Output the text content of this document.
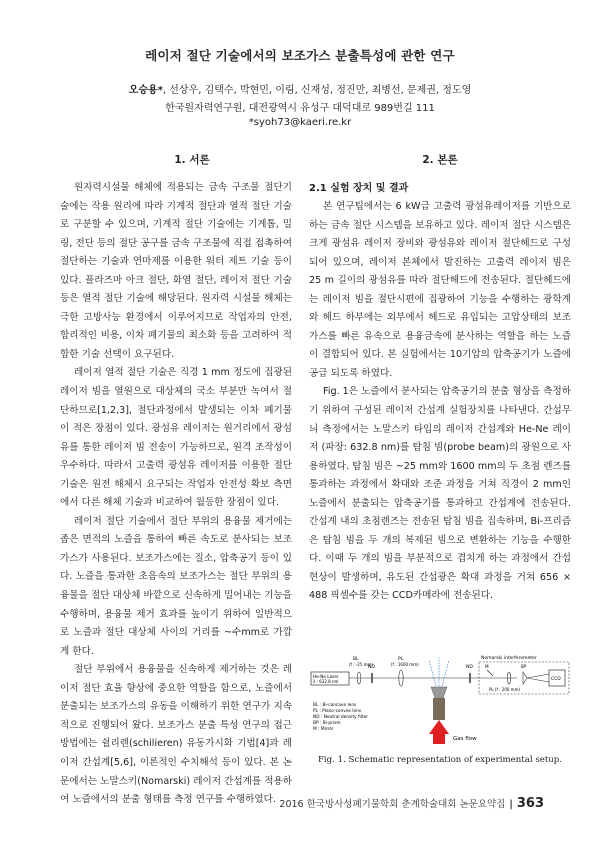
레이저 절단 기술에서의 보조가스 분출특성에 관한 연구
오승용*, 선상우, 김택수, 박현민, 이림, 신재성, 정진만, 최병선, 문제권, 정도영
한국원자력연구원, 대전광역시 유성구 대덕대로 989번길 111
*syoh73@kaeri.re.kr
1. 서론	2. 본론

원자력시설물 해체에 적용되는 금속 구조물 절단기술에는 작용 원리에 따라 기계적 절단과 열적 절단 기술로 구분할 수 있으며, 기계적 절단 기술에는 기계톱, 밀링, 전단 등의 절단 공구를 금속 구조물에 직접 접촉하여 절단하는 기술과 연마제를 이용한 워터 제트 기술 등이 있다. 플라즈마 아크 절단, 화염 절단, 레이저 절단 기술 등은 열적 절단 기술에 해당된다. 원자력 시설물 해체는 극한 고방사능 환경에서 이루어지므로 작업자의 안전, 합리적인 비용, 이차 폐기물의 최소화 등을 고려하여 적합한 기술 선택이 요구된다.

레이저 열적 절단 기술은 직경 1 mm 정도에 집광된 레이저 빔을 열원으로 대상체의 국소 부분만 녹여서 절단하므로[1,2,3], 절단과정에서 발생되는 이차 폐기물이 적은 장점이 있다. 광섬유 레이저는 원거리에서 광섬유를 통한 레이저 빔 전송이 가능하므로, 원격 조작성이 우수하다. 따라서 고출력 광섬유 레이저를 이용한 절단 기술은 원전 해체시 요구되는 작업자 안전성 확보 측면에서 다른 해체 기술과 비교하여 월등한 장점이 있다.

레이저 절단 기술에서 절단 부위의 용융물 제거에는 좁은 면적의 노즐을 통하여 빠른 속도로 분사되는 보조가스가 사용된다. 보조가스에는 질소, 압축공기 등이 있다. 노즐을 통과한 초음속의 보조가스는 절단 부위의 용융물을 절단 대상체 바깥으로 신속하게 밀어내는 기능을 수행하며, 용융물 제거 효과를 높이기 위하여 일반적으로 노즐과 절단 대상체 사이의 거리를 ~수mm로 가깝게 한다.

절단 부위에서 용융물을 신속하게 제거하는 것은 레이저 절단 효율 향상에 중요한 역할을 함으로, 노즐에서 분출되는 보조가스의 유동을 이해하기 위한 연구가 지속적으로 진행되어 왔다. 보조가스 분출 특성 연구의 접근 방법에는 쉴리렌(schilieren) 유동가시화 기법[4]과 레이저 간섭계[5,6], 이론적인 수치해석 등이 있다. 본 논문에서는 노말스키(Nomarski) 레이저 간섭계를 적용하여 노즐에서의 분출 형태를 측정 연구를 수행하였다.

2.1 실험 장치 및 결과

본 연구팀에서는 6 kW급 고출력 광섬유레이저를 기반으로 하는 금속 절단 시스템을 보유하고 있다. 레이저 절단 시스템은 크게 광섬유 레이저 장비와 광섬유와 레이저 절단헤드로 구성되어 있으며, 레이저 본체에서 발진하는 고출력 레이저 빔은 25 m 길이의 광섬유를 따라 절단헤드에 전송된다. 절단헤드에는 레이저 빔을 절단시편에 집광하여 기능을 수행하는 광학계와 헤드 하부에는 외부에서 헤드로 유입되는 고압상태의 보조가스를 빠른 유속으로 용융금속에 분사하는 역할을 하는 노즐이 결합되어 있다. 본 실험에서는 10기압의 압축공기가 노즐에 공급 되도록 하였다.

Fig. 1은 노즐에서 분사되는 압축공기의 분출 형상을 측정하기 위하여 구성된 레이저 간섭계 실험장치를 나타낸다. 간섭무늬 측정에서는 노말스키 타입의 레이저 간섭계와 He-Ne 레이저 (파장: 632.8 nm)를 탐침 빔(probe beam)의 광원으로 사용하였다. 탐침 빔은 ~25 mm와 1600 mm의 두 초점 렌즈를 통과하는 과정에서 확대와 조준 과정을 거쳐 직경이 2 mm인 노즐에서 분출되는 압축공기를 통과하고 간섭계에 전송된다. 간섭계 내의 초점렌즈는 전송된 탐침 빔을 집속하며, Bi-프리즘은 탐침 빔을 두 개의 복제된 빔으로 변환하는 기능을 수행한다. 이때 두 개의 빔을 부분적으로 겹치게 하는 과정에서 간섭 현상이 발생하며, 유도된 간섭광은 확대 과정을 거쳐 656 × 488 픽셀수를 갖는 CCD카메라에 전송된다.

He-Ne Laser
λ : 632.8 nm
BL
(f : -25 mm)
ND
PL
(f : 1600 mm)
Gas flow
ND
Nomarski interferometer
M	BP
CCD
PL (f : 200 mm)
BL : Bi-concave lens
PL : Plano-convex lens
ND : Neutral density filter
BP : Bi-prism
M : Mirror
Fig. 1. Schematic representation of experimental setup.
2016 한국방사성폐기물학회 춘계학술대회 논문요약집 | 363
